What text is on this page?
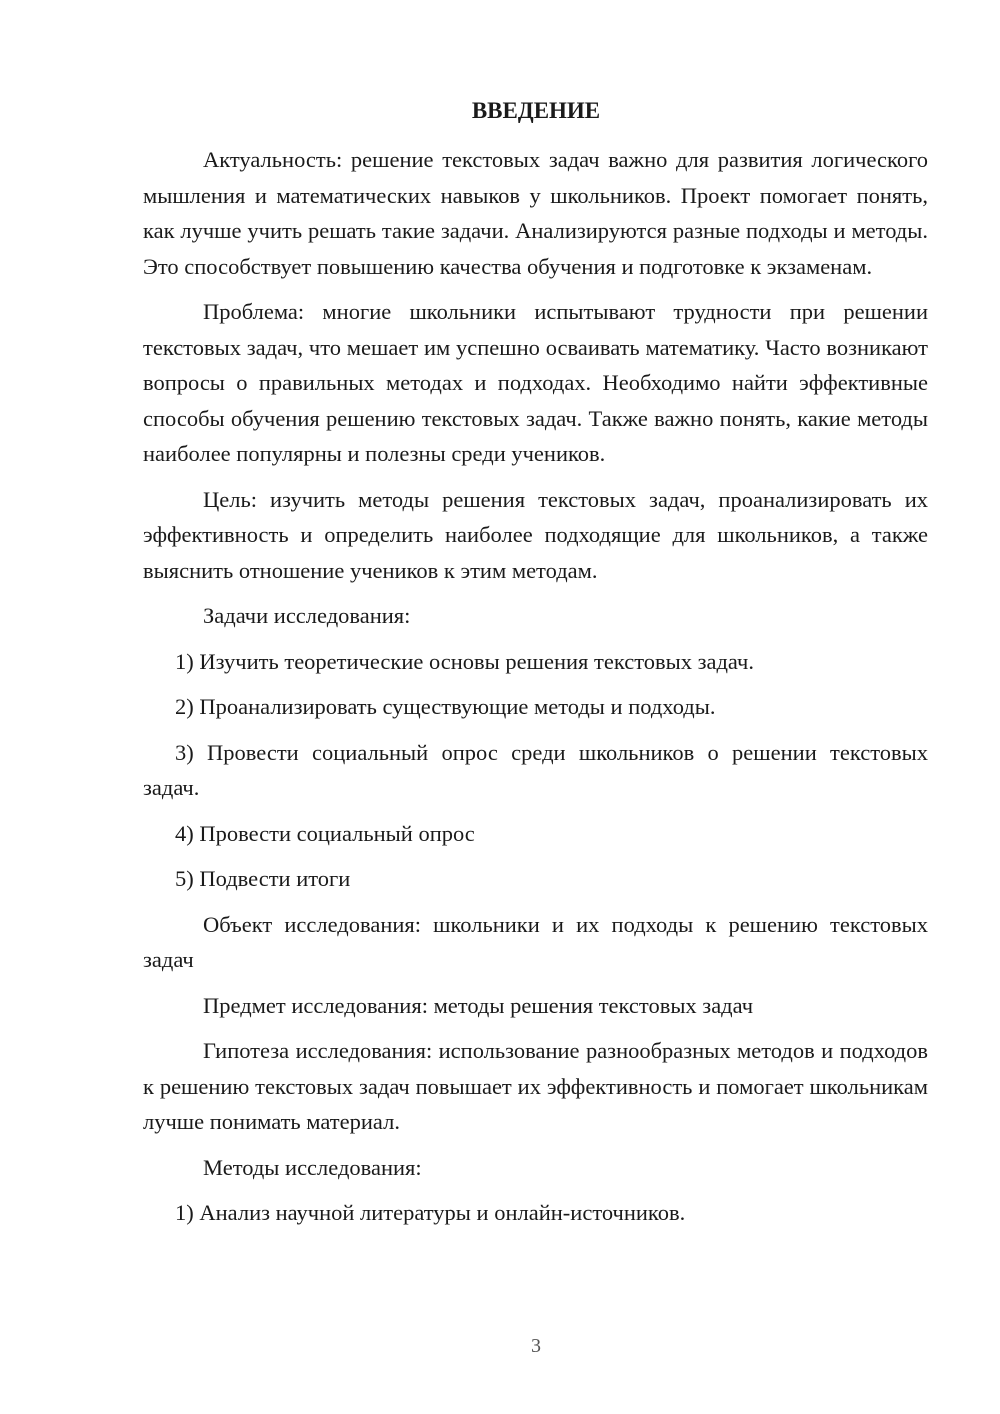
ВВЕДЕНИЕ

Актуальность: решение текстовых задач важно для развития логического мышления и математических навыков у школьников. Проект помогает понять, как лучше учить решать такие задачи. Анализируются разные подходы и методы. Это способствует повышению качества обучения и подготовке к экзаменам.

Проблема: многие школьники испытывают трудности при решении текстовых задач, что мешает им успешно осваивать математику. Часто возникают вопросы о правильных методах и подходах. Необходимо найти эффективные способы обучения решению текстовых задач. Также важно понять, какие методы наиболее популярны и полезны среди учеников.

Цель: изучить методы решения текстовых задач, проанализировать их эффективность и определить наиболее подходящие для школьников, а также выяснить отношение учеников к этим методам.

Задачи исследования:

1) Изучить теоретические основы решения текстовых задач.

2) Проанализировать существующие методы и подходы.

3) Провести социальный опрос среди школьников о решении текстовых задач.

4) Провести социальный опрос

5) Подвести итоги

Объект исследования: школьники и их подходы к решению текстовых задач

Предмет исследования: методы решения текстовых задач

Гипотеза исследования: использование разнообразных методов и подходов к решению текстовых задач повышает их эффективность и помогает школьникам лучше понимать материал.

Методы исследования:

1) Анализ научной литературы и онлайн-источников.

3
